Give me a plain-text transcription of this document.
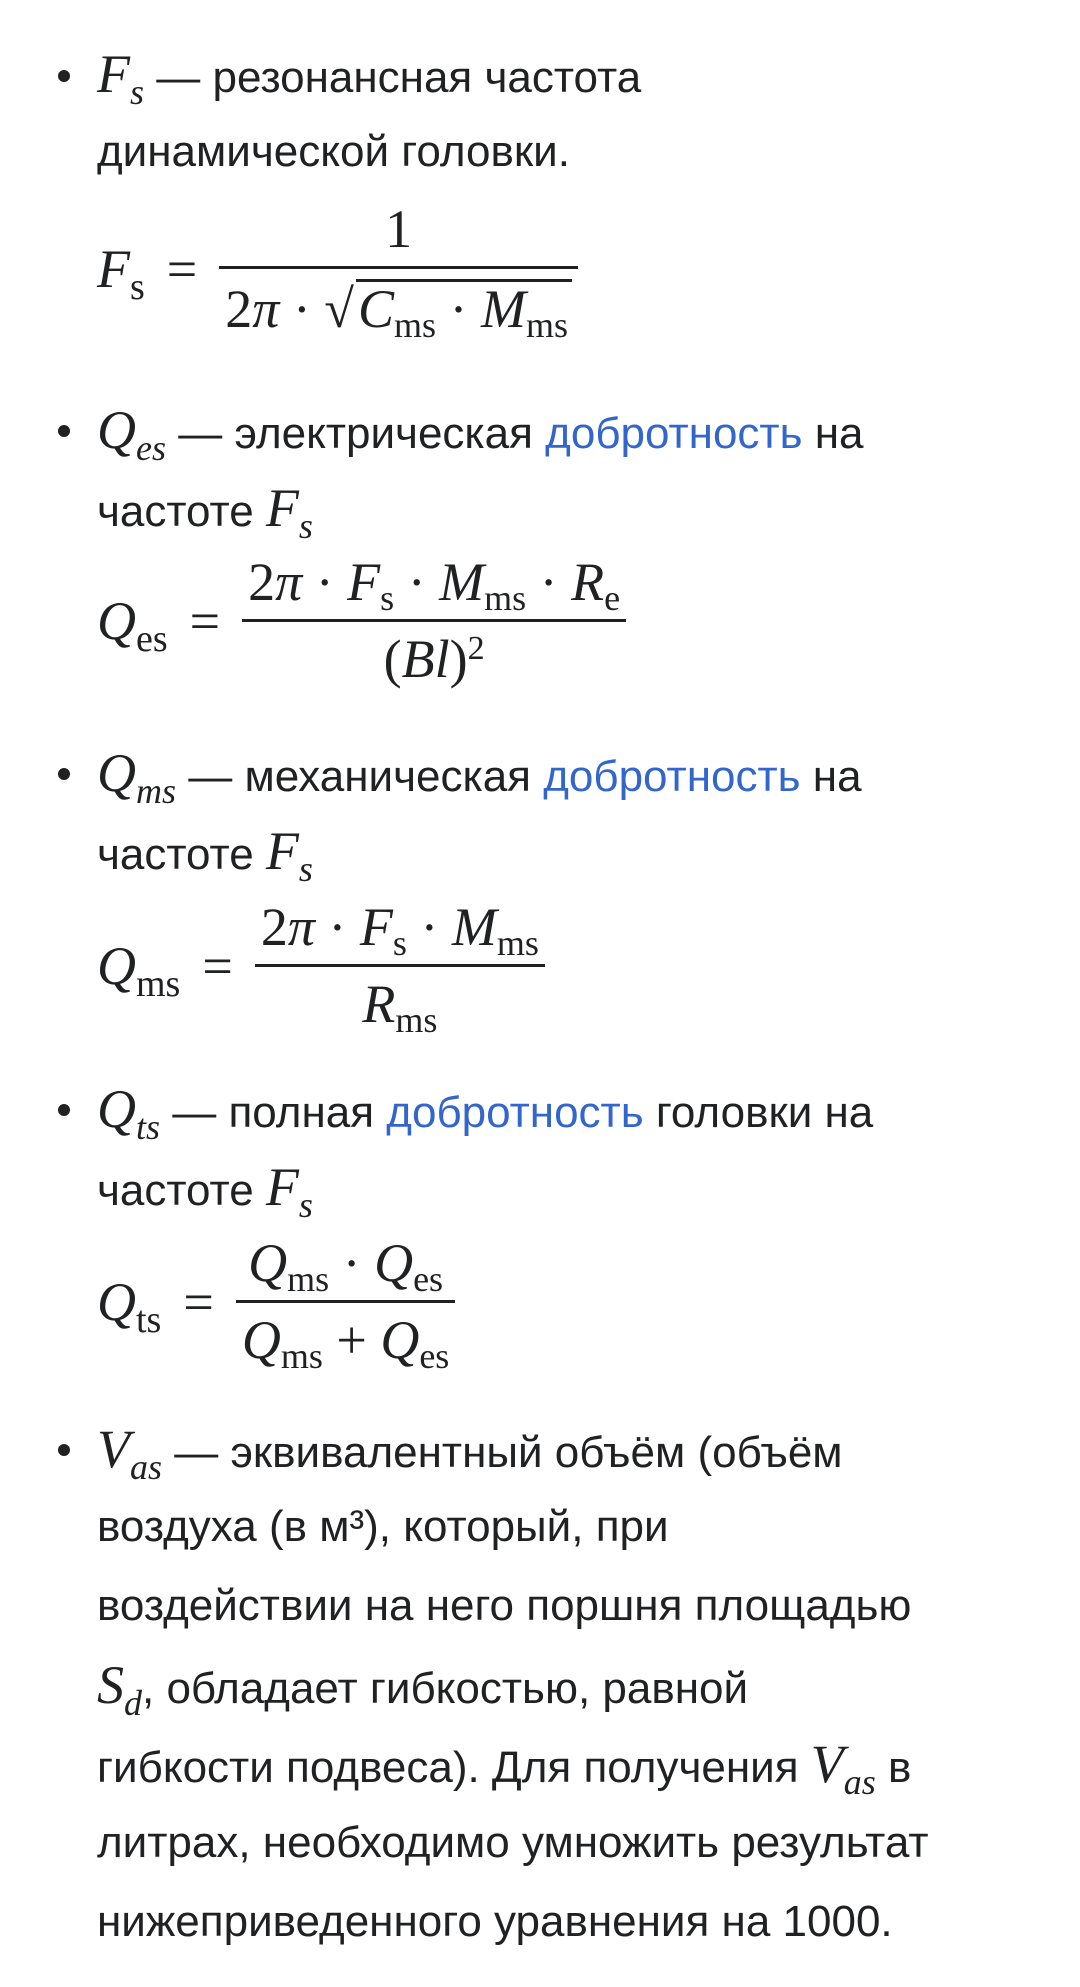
$F_s$ — резонансная частота
динамической головки.
$F_s = \frac{1}{2\pi \cdot √C_{ms} \cdot M_{ms}}$
$Q_{es}$ — электрическая добротность на
частоте $F_s$
$Q_{es} = \frac{2\pi \cdot F_s \cdot M_{ms} \cdot R_e}{(Bl)^2}$
$Q_{ms}$ — механическая добротность на
частоте $F_s$
$Q_{ms} = \frac{2\pi \cdot F_s \cdot M_{ms}}{R_{ms}}$
$Q_{ts}$ — полная добротность головки на
частоте $F_s$
$Q_{ts} = \frac{Q_{ms} \cdot Q_{es}}{Q_{ms} + Q_{es}}$
$V_{as}$ — эквивалентный объём (объём
воздуха (в м³), который, при
воздействии на него поршня площадью
$S_d$, обладает гибкостью, равной
гибкости подвеса). Для получения $V_{as}$ в
литрах, необходимо умножить результат
нижеприведенного уравнения на 1000.
